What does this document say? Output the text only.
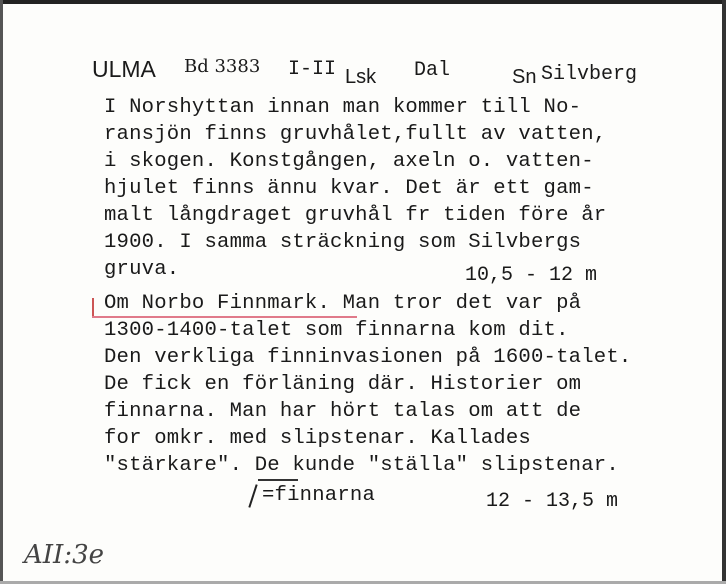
ULMA Bd 3383 I-II Lsk Dal	Sn Silvberg
I Norshyttan innan man kommer till No-
ransjön finns gruvhålet,fullt av vatten,
i skogen. Konstgången, axeln o. vatten-
hjulet finns ännu kvar. Det är ett gam-
malt långdraget gruvhål fr tiden före år
1900. I samma sträckning som Silvbergs
gruva.	10,5 - 12 m
Om Norbo Finnmark. Man tror det var på
1300-1400-talet som finnarna kom dit.
Den verkliga finninvasionen på 1600-talet.
De fick en förläning där. Historier om
finnarna. Man har hört talas om att de
for omkr. med slipstenar. Kallades
"stärkare". De kunde "ställa" slipstenar.
=finnarna	12 - 13,5 m
AII:3e
